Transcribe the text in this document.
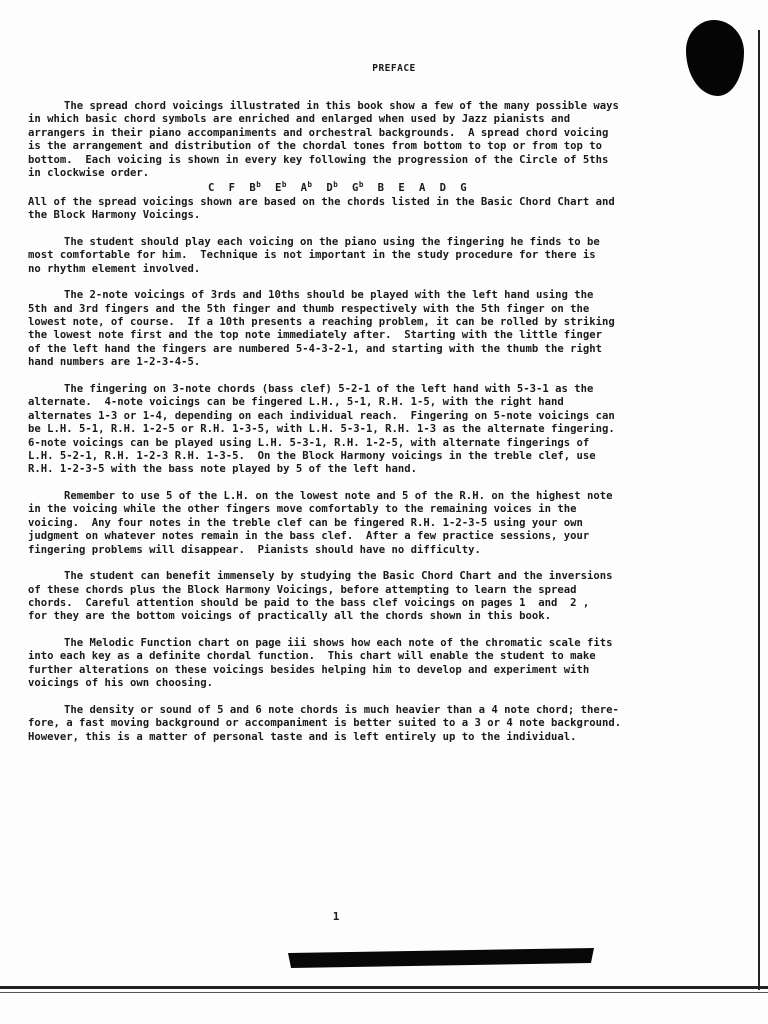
PREFACE
The spread chord voicings illustrated in this book show a few of the many possible ways
in which basic chord symbols are enriched and enlarged when used by Jazz pianists and
arrangers in their piano accompaniments and orchestral backgrounds.  A spread chord voicing
is the arrangement and distribution of the chordal tones from bottom to top or from top to
bottom.  Each voicing is shown in every key following the progression of the Circle of 5ths
in clockwise order.
C F $B^b$ $E^b$ $A^b$ $D^b$ $G^b$ B E A D G
All of the spread voicings shown are based on the chords listed in the Basic Chord Chart and
the Block Harmony Voicings.
The student should play each voicing on the piano using the fingering he finds to be
most comfortable for him.  Technique is not important in the study procedure for there is
no rhythm element involved.
The 2-note voicings of 3rds and 10ths should be played with the left hand using the
5th and 3rd fingers and the 5th finger and thumb respectively with the 5th finger on the
lowest note, of course.  If a 10th presents a reaching problem, it can be rolled by striking
the lowest note first and the top note immediately after.  Starting with the little finger
of the left hand the fingers are numbered 5-4-3-2-1, and starting with the thumb the right
hand numbers are 1-2-3-4-5.
The fingering on 3-note chords (bass clef) 5-2-1 of the left hand with 5-3-1 as the
alternate.  4-note voicings can be fingered L.H., 5-1, R.H. 1-5, with the right hand
alternates 1-3 or 1-4, depending on each individual reach.  Fingering on 5-note voicings can
be L.H. 5-1, R.H. 1-2-5 or R.H. 1-3-5, with L.H. 5-3-1, R.H. 1-3 as the alternate fingering.
6-note voicings can be played using L.H. 5-3-1, R.H. 1-2-5, with alternate fingerings of
L.H. 5-2-1, R.H. 1-2-3 R.H. 1-3-5.  On the Block Harmony voicings in the treble clef, use
R.H. 1-2-3-5 with the bass note played by 5 of the left hand.
Remember to use 5 of the L.H. on the lowest note and 5 of the R.H. on the highest note
in the voicing while the other fingers move comfortably to the remaining voices in the
voicing.  Any four notes in the treble clef can be fingered R.H. 1-2-3-5 using your own
judgment on whatever notes remain in the bass clef.  After a few practice sessions, your
fingering problems will disappear.  Pianists should have no difficulty.
The student can benefit immensely by studying the Basic Chord Chart and the inversions
of these chords plus the Block Harmony Voicings, before attempting to learn the spread
chords.  Careful attention should be paid to the bass clef voicings on pages 1  and  2 ,
for they are the bottom voicings of practically all the chords shown in this book.
The Melodic Function chart on page iii shows how each note of the chromatic scale fits
into each key as a definite chordal function.  This chart will enable the student to make
further alterations on these voicings besides helping him to develop and experiment with
voicings of his own choosing.
The density or sound of 5 and 6 note chords is much heavier than a 4 note chord; there-
fore, a fast moving background or accompaniment is better suited to a 3 or 4 note background.
However, this is a matter of personal taste and is left entirely up to the individual.
1
